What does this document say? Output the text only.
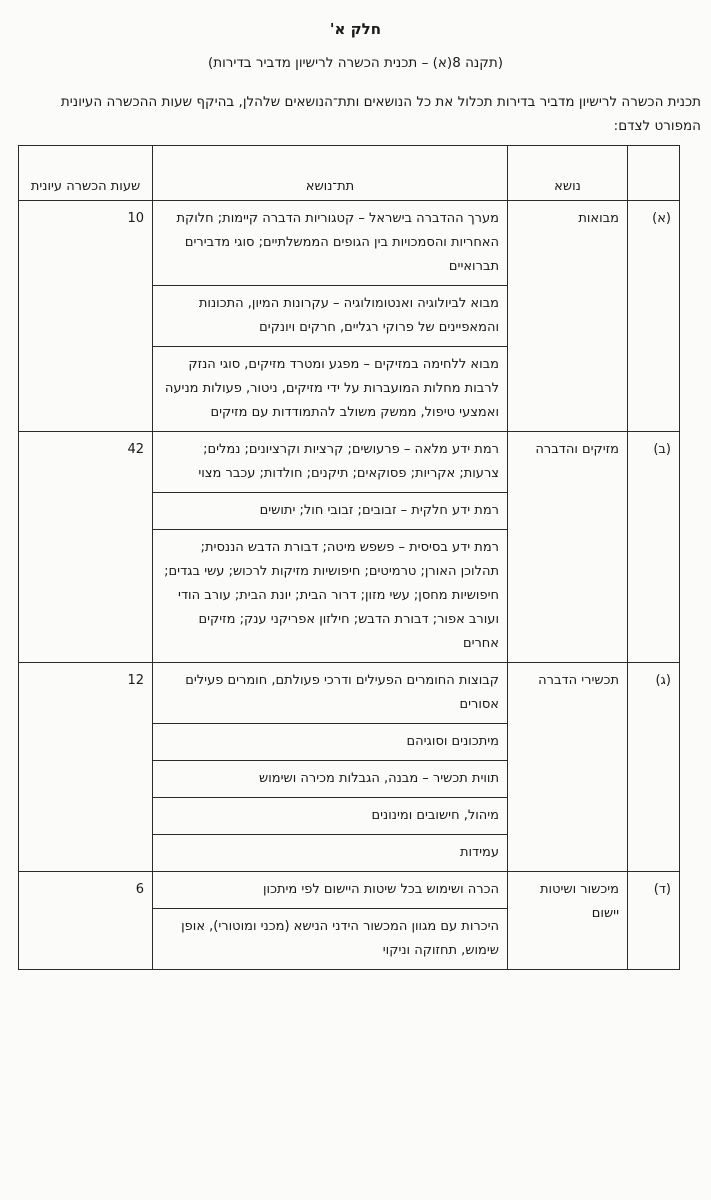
חלק א'
(תקנה 8(א) – תכנית הכשרה לרישיון מדביר בדירות)
תכנית הכשרה לרישיון מדביר בדירות תכלול את כל הנושאים ותת־הנושאים שלהלן, בהיקף שעות ההכשרה העיונית המפורט לצדם:
	נושא	תת־נושא	שעות הכשרה עיונית
(א)	מבואות	מערך ההדברה בישראל – קטגוריות הדברה קיימות; חלוקת האחריות והסמכויות בין הגופים הממשלתיים; סוגי מדבירים תברואיים	10
		מבוא לביולוגיה ואנטומולוגיה – עקרונות המיון, התכונות והמאפיינים של פרוקי רגליים, חרקים ויונקים	
		מבוא ללחימה במזיקים – מפגע ומטרד מזיקים, סוגי הנזק לרבות מחלות המועברות על ידי מזיקים, ניטור, פעולות מניעה ואמצעי טיפול, ממשק משולב להתמודדות עם מזיקים	
(ב)	מזיקים והדברה	רמת ידע מלאה – פרעושים; קרציות וקרציונים; נמלים; צרעות; אקריות; פסוקאים; תיקנים; חולדות; עכבר מצוי	42
		רמת ידע חלקית – זבובים; זבובי חול; יתושים	
		רמת ידע בסיסית – פשפש מיטה; דבורת הדבש הננסית; תהלוכן האורן; טרמיטים; חיפושיות מזיקות לרכוש; עשי בגדים; חיפושיות מחסן; עשי מזון; דרור הבית; יונת הבית; עורב הודי ועורב אפור; דבורת הדבש; חילזון אפריקני ענק; מזיקים אחרים	
(ג)	תכשירי הדברה	קבוצות החומרים הפעילים ודרכי פעולתם, חומרים פעילים אסורים	12
		מיתכונים וסוגיהם	
		תווית תכשיר – מבנה, הגבלות מכירה ושימוש	
		מיהול, חישובים ומינונים	
		עמידות	
(ד)	מיכשור ושיטות יישום	הכרה ושימוש בכל שיטות היישום לפי מיתכון	6
		היכרות עם מגוון המכשור הידני הנישא (מכני ומוטורי), אופן שימוש, תחזוקה וניקוי	
